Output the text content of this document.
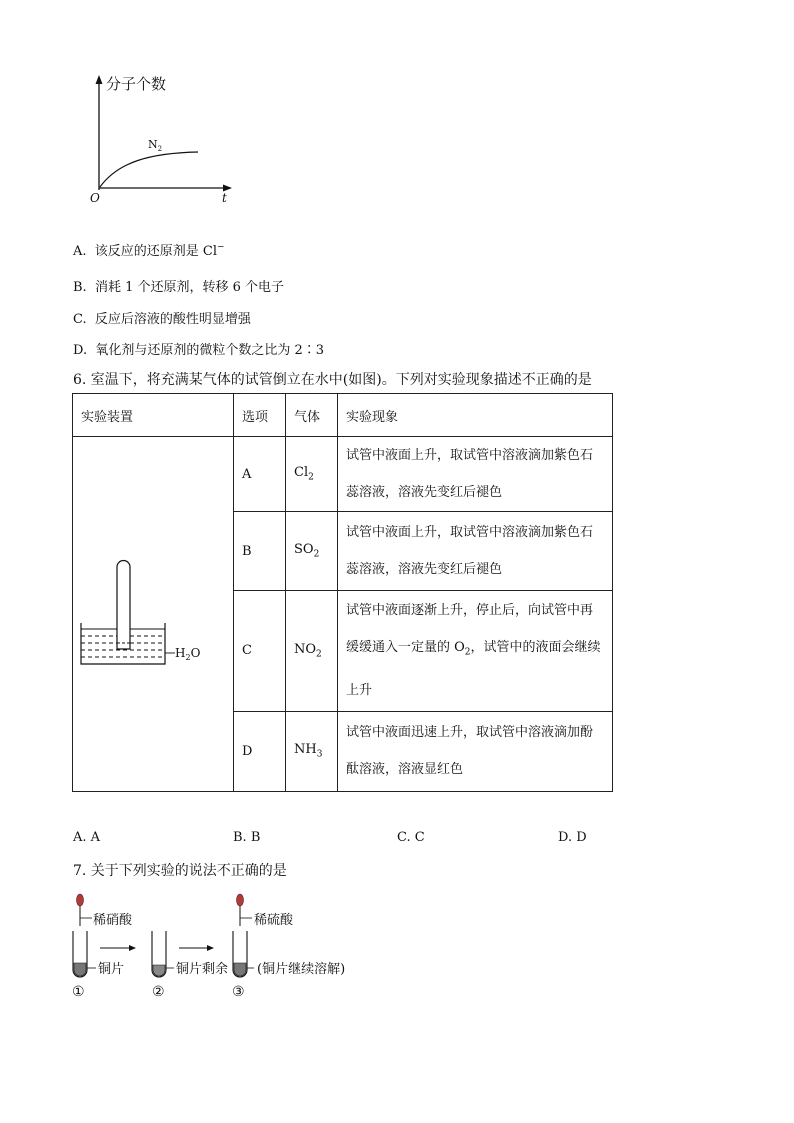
分子个数
$N_2$
O	t
A. 该反应的还原剂是 Cl−
B. 消耗 1 个还原剂，转移 6 个电子
C. 反应后溶液的酸性明显增强
D. 氧化剂与还原剂的微粒个数之比为 2∶3
6. 室温下，将充满某气体的试管倒立在水中(如图)。下列对实验现象描述不正确的是
实验装置	选项	气体	实验现象

$H_2O$	A	$Cl_2$	试管中液面上升，取试管中溶液滴加紫色石蕊溶液，溶液先变红后褪色
	B	$SO_2$	试管中液面上升，取试管中溶液滴加紫色石蕊溶液，溶液先变红后褪色
	C	$NO_2$	试管中液面逐渐上升，停止后，向试管中再缓缓通入一定量的 $O_2$，试管中的液面会继续上升
	D	$NH_3$	试管中液面迅速上升，取试管中溶液滴加酚酞溶液，溶液显红色
A. A	B. B	C. C	D. D
7. 关于下列实验的说法不正确的是
稀硝酸
铜片
①
铜片剩余
②
稀硫酸
(铜片继续溶解)
③
